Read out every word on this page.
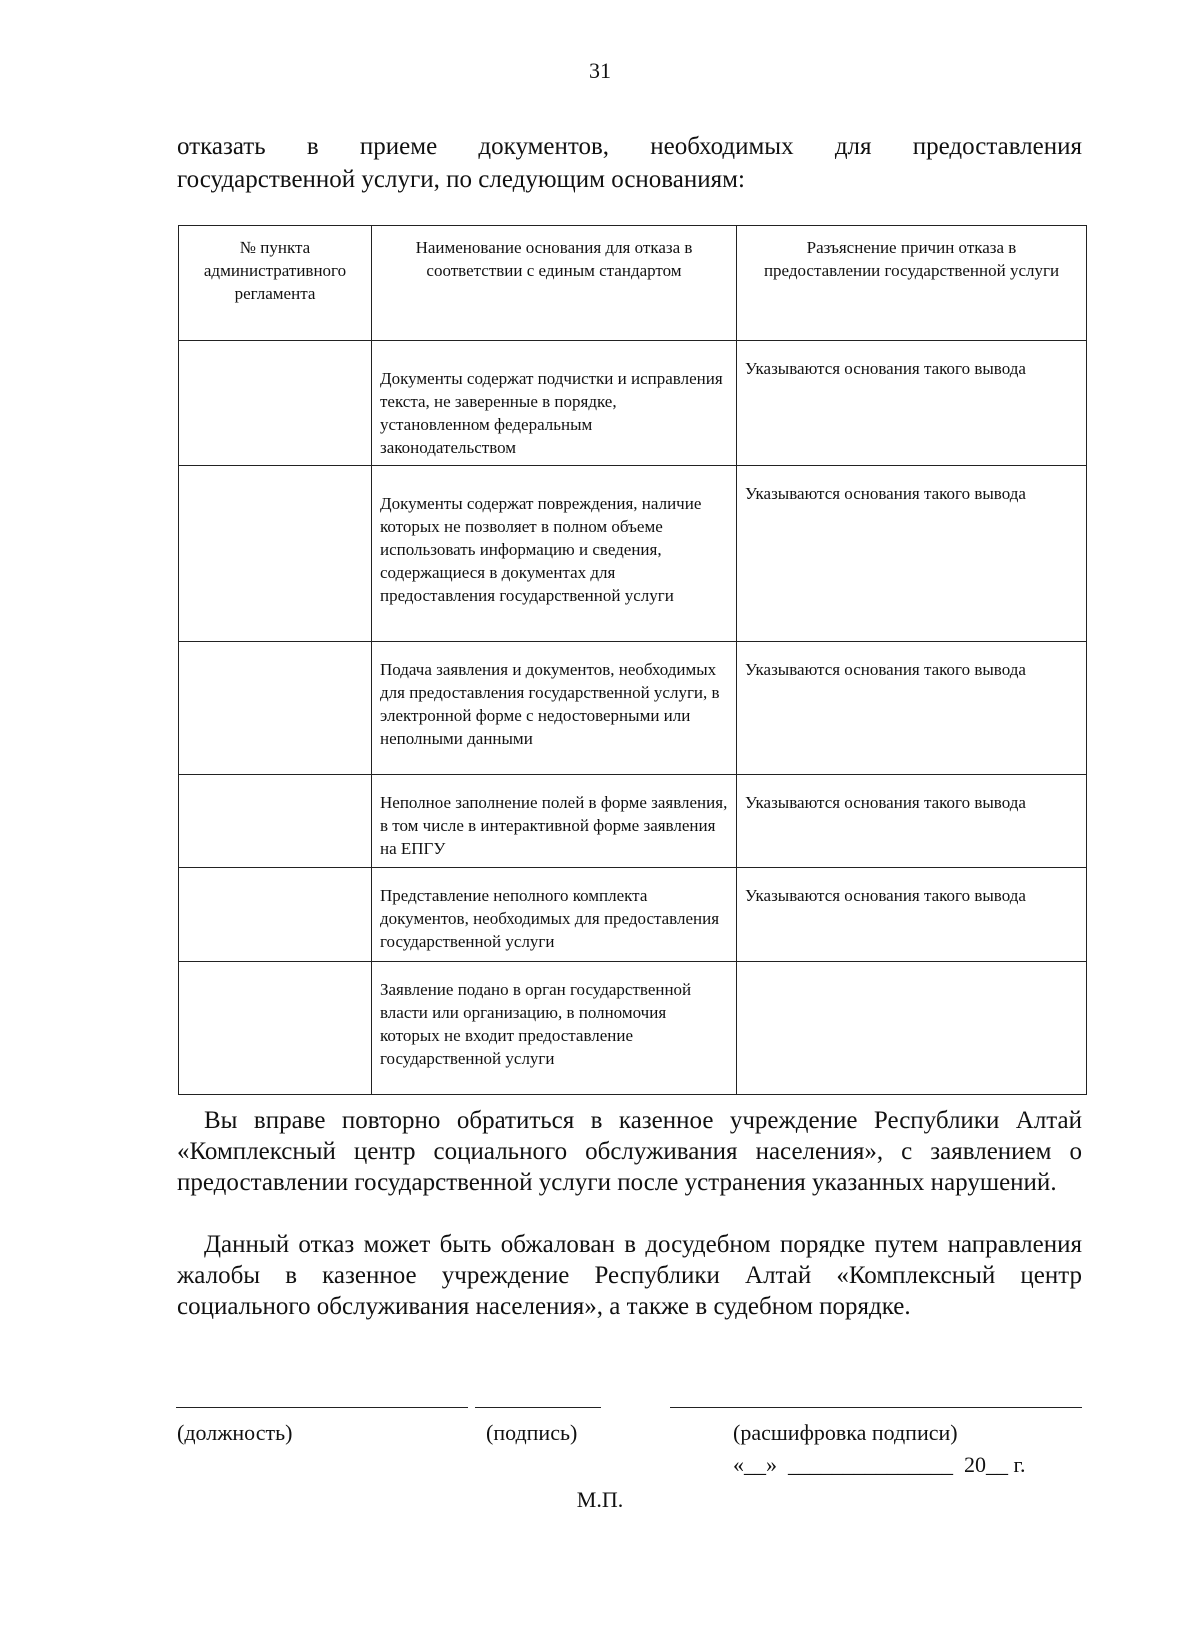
31
отказать в приеме документов, необходимых для предоставления
государственной услуги, по следующим основаниям:
№ пункта административного регламента	Наименование основания для отказа в соответствии с единым стандартом	Разъяснение причин отказа в предоставлении государственной услуги
	Документы содержат подчистки и исправления текста, не заверенные в порядке, установленном федеральным законодательством	Указываются основания такого вывода
	Документы содержат повреждения, наличие которых не позволяет в полном объеме использовать информацию и сведения, содержащиеся в документах для предоставления государственной услуги	Указываются основания такого вывода
	Подача заявления и документов, необходимых для предоставления государственной услуги, в электронной форме с недостоверными или неполными данными	Указываются основания такого вывода
	Неполное заполнение полей в форме заявления, в том числе в интерактивной форме заявления на ЕПГУ	Указываются основания такого вывода
	Представление неполного комплекта документов, необходимых для предоставления государственной услуги	Указываются основания такого вывода
	Заявление подано в орган государственной власти или организацию, в полномочия которых не входит предоставление государственной услуги	
Вы вправе повторно обратиться в казенное учреждение Республики Алтай «Комплексный центр социального обслуживания населения», с заявлением о предоставлении государственной услуги после устранения указанных нарушений.
Данный отказ может быть обжалован в досудебном порядке путем направления жалобы в казенное учреждение Республики Алтай «Комплексный центр социального обслуживания населения», а также в судебном порядке.
(должность)	(подпись)	(расшифровка подписи)
«__»  _______________  20__ г.
М.П.
